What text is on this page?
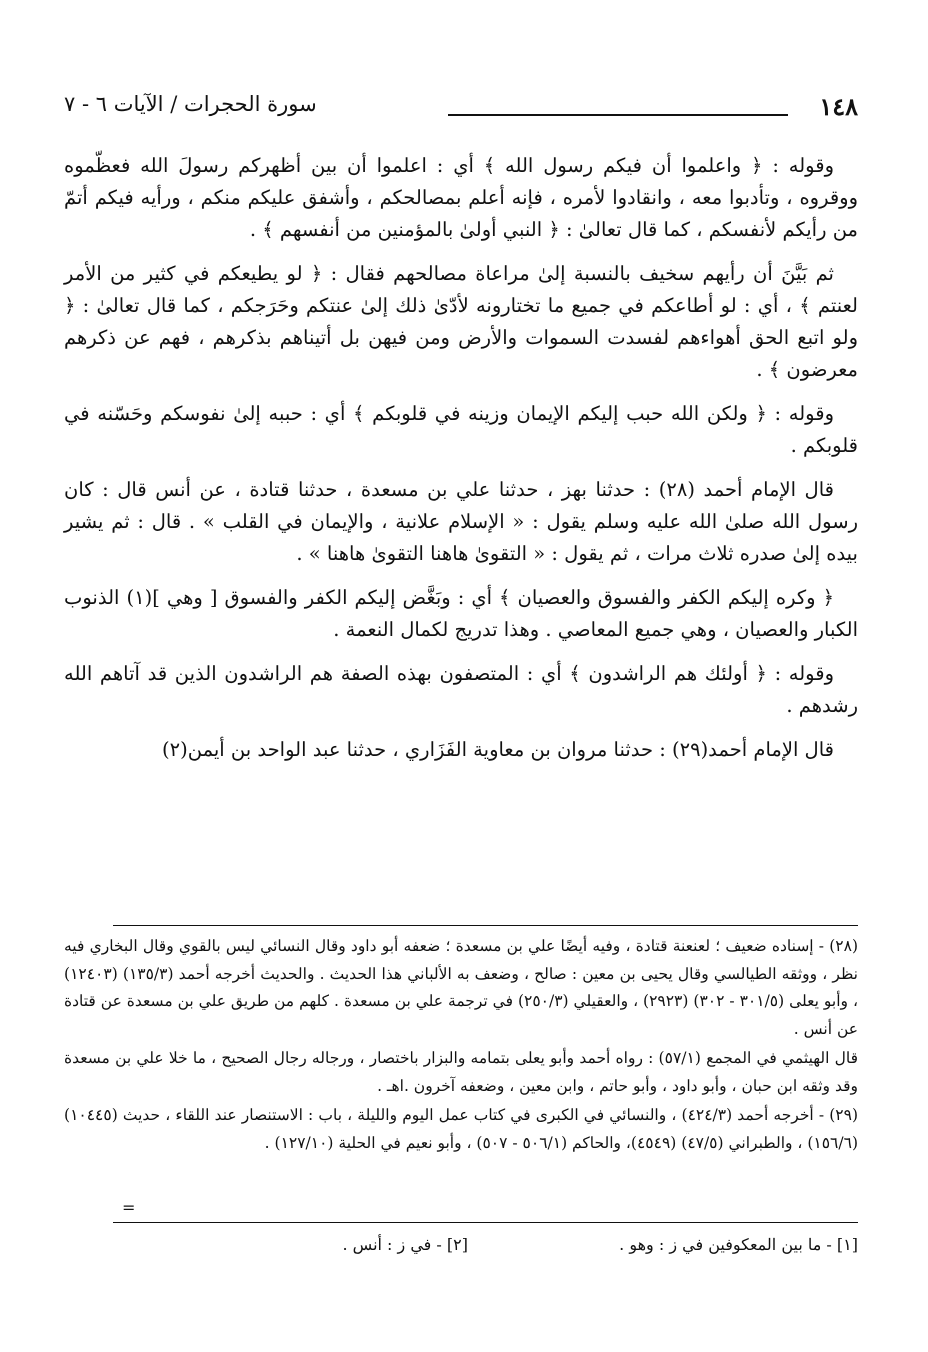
١٤٨
سورة الحجرات / الآيات ٦ - ٧

وقوله : ﴿ واعلموا أن فيكم رسول الله ﴾ أي : اعلموا أن بين أظهركم رسولَ الله فعظّموه ووقروه ، وتأدبوا معه ، وانقادوا لأمره ، فإنه أعلم بمصالحكم ، وأشفق عليكم منكم ، ورأيه فيكم أتمّ من رأيكم لأنفسكم ، كما قال تعالىٰ : ﴿ النبي أولىٰ بالمؤمنين من أنفسهم ﴾ .

ثم بَيَّنَ أن رأيهم سخيف بالنسبة إلىٰ مراعاة مصالحهم فقال : ﴿ لو يطيعكم في كثير من الأمر لعنتم ﴾ ، أي : لو أطاعكم في جميع ما تختارونه لأدّىٰ ذلك إلىٰ عنتكم وحَرَجكم ، كما قال تعالىٰ : ﴿ ولو اتبع الحق أهواءهم لفسدت السموات والأرض ومن فيهن بل أتيناهم بذكرهم ، فهم عن ذكرهم معرضون ﴾ .

وقوله : ﴿ ولكن الله حبب إليكم الإيمان وزينه في قلوبكم ﴾ أي : حببه إلىٰ نفوسكم وحَسّنه في قلوبكم .

قال الإمام أحمد (٢٨) : حدثنا بهز ، حدثنا علي بن مسعدة ، حدثنا قتادة ، عن أنس قال : كان رسول الله صلىٰ الله عليه وسلم يقول : « الإسلام علانية ، والإيمان في القلب » . قال : ثم يشير بيده إلىٰ صدره ثلاث مرات ، ثم يقول : « التقوىٰ هاهنا التقوىٰ هاهنا » .

﴿ وكره إليكم الكفر والفسوق والعصيان ﴾ أي : وبَغَّض إليكم الكفر والفسوق [ وهي ](١) الذنوب الكبار والعصيان ، وهي جميع المعاصي . وهذا تدريج لكمال النعمة .

وقوله : ﴿ أولئك هم الراشدون ﴾ أي : المتصفون بهذه الصفة هم الراشدون الذين قد آتاهم الله رشدهم .

قال الإمام أحمد(٢٩) : حدثنا مروان بن معاوية الفَزَاري ، حدثنا عبد الواحد بن أيمن(٢)

(٢٨) - إسناده ضعيف ؛ لعنعنة قتادة ، وفيه أيضًا علي بن مسعدة ؛ ضعفه أبو داود وقال النسائي ليس بالقوي وقال البخاري فيه نظر ، ووثقه الطيالسي وقال يحيى بن معين : صالح ، وضعف به الألباني هذا الحديث . والحديث أخرجه أحمد (١٣٥/٣) (١٢٤٠٣) ، وأبو يعلى (٣٠١/٥ - ٣٠٢) (٢٩٢٣) ، والعقيلي (٢٥٠/٣) في ترجمة علي بن مسعدة . كلهم من طريق علي بن مسعدة عن قتادة عن أنس .

قال الهيثمي في المجمع (٥٧/١) : رواه أحمد وأبو يعلى بتمامه والبزار باختصار ، ورجاله رجال الصحيح ، ما خلا علي بن مسعدة وقد وثقه ابن حبان ، وأبو داود ، وأبو حاتم ، وابن معين ، وضعفه آخرون .اهـ .

(٢٩) - أخرجه أحمد (٤٢٤/٣) ، والنسائي في الكبرى في كتاب عمل اليوم والليلة ، باب : الاستنصار عند اللقاء ، حديث (١٠٤٤٥) (١٥٦/٦) ، والطبراني (٤٧/٥) (٤٥٤٩)، والحاكم (٥٠٦/١ - ٥٠٧) ، وأبو نعيم في الحلية (١٢٧/١٠) .

=
[١] - ما بين المعكوفين في ز : وهو .
[٢] - في ز : أنس .
